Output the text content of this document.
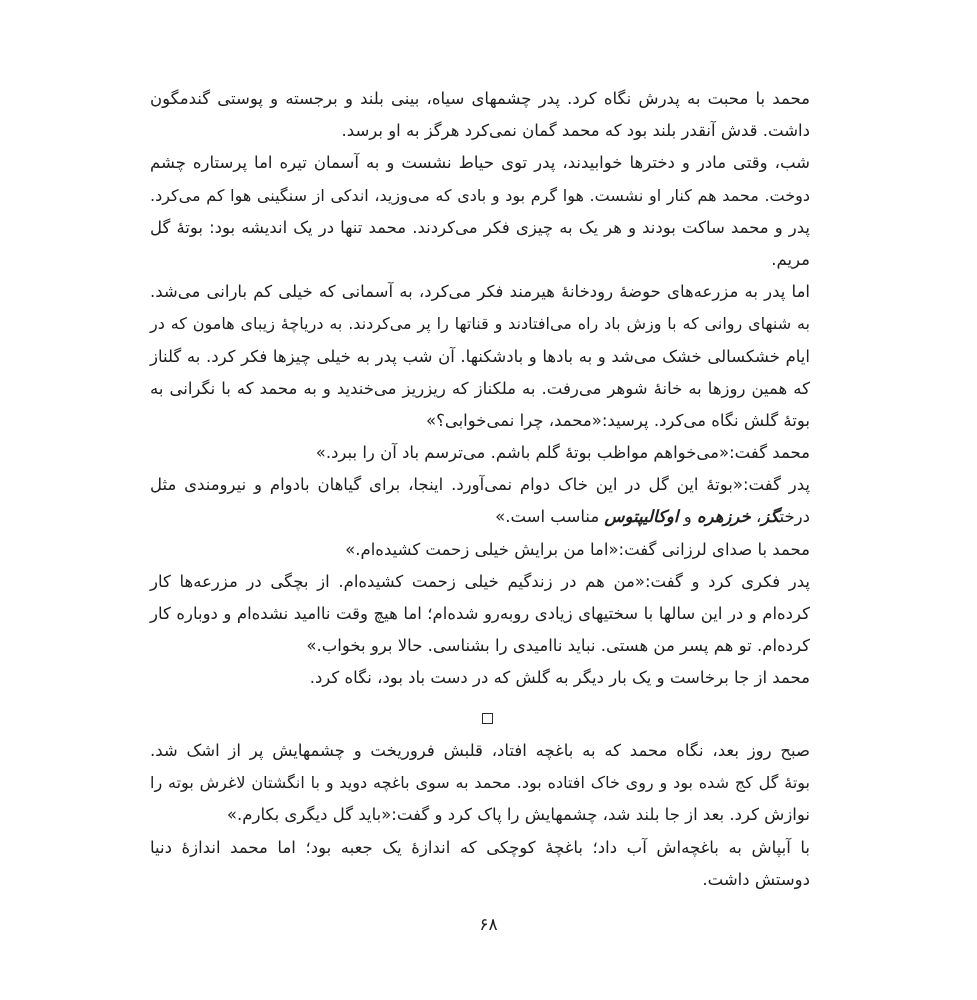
محمد با محبت به پدرش نگاه کرد. پدر چشمهای سیاه، بینی بلند و برجسته و پوستی گندمگون
داشت. قدش آنقدر بلند بود که محمد گمان نمی‌کرد هرگز به او برسد.
شب، وقتی مادر و دخترها خوابیدند، پدر توی حیاط نشست و به آسمان تیره اما پرستاره چشم
دوخت. محمد هم کنار او نشست. هوا گرم بود و بادی که می‌وزید، اندکی از سنگینی هوا کم می‌کرد.
پدر و محمد ساکت بودند و هر یک به چیزی فکر می‌کردند. محمد تنها در یک اندیشه بود: بوتهٔ گل
مریم.
اما پدر به مزرعه‌های حوضهٔ رودخانهٔ هیرمند فکر می‌کرد، به آسمانی که خیلی کم بارانی می‌شد.
به شنهای روانی که با وزش باد راه می‌افتادند و قناتها را پر می‌کردند. به دریاچهٔ زیبای هامون که در
ایام خشکسالی خشک می‌شد و به بادها و بادشکنها. آن شب پدر به خیلی چیزها فکر کرد. به گلناز
که همین روزها به خانهٔ شوهر می‌رفت. به ملکناز که ریزریز می‌خندید و به محمد که با نگرانی به
بوتهٔ گلش نگاه می‌کرد. پرسید:«محمد، چرا نمی‌خوابی؟»
محمد گفت:«می‌خواهم مواظب بوتهٔ گلم باشم. می‌ترسم باد آن را ببرد.»
پدر گفت:«بوتهٔ این گل در این خاک دوام نمی‌آورد. اینجا، برای گیاهان بادوام و نیرومندی مثل
درختگز، خرزهره و اوکالیپتوس مناسب است.»
محمد با صدای لرزانی گفت:«اما من برایش خیلی زحمت کشیده‌ام.»
پدر فکری کرد و گفت:«من هم در زندگیم خیلی زحمت کشیده‌ام. از بچگی در مزرعه‌ها کار
کرده‌ام و در این سالها با سختیهای زیادی روبه‌رو شده‌ام؛ اما هیچ وقت ناامید نشده‌ام و دوباره کار
کرده‌ام. تو هم پسر من هستی. نباید ناامیدی را بشناسی. حالا برو بخواب.»
محمد از جا برخاست و یک بار دیگر به گلش که در دست باد بود، نگاه کرد.
صبح روز بعد، نگاه محمد که به باغچه افتاد، قلبش فروریخت و چشمهایش پر از اشک شد.
بوتهٔ گل کج شده بود و روی خاک افتاده بود. محمد به سوی باغچه دوید و با انگشتان لاغرش بوته را
نوازش کرد. بعد از جا بلند شد، چشمهایش را پاک کرد و گفت:«باید گل دیگری بکارم.»
با آبپاش به باغچه‌اش آب داد؛ باغچهٔ کوچکی که اندازهٔ یک جعبه بود؛ اما محمد اندازهٔ دنیا
دوستش داشت.
۶۸
